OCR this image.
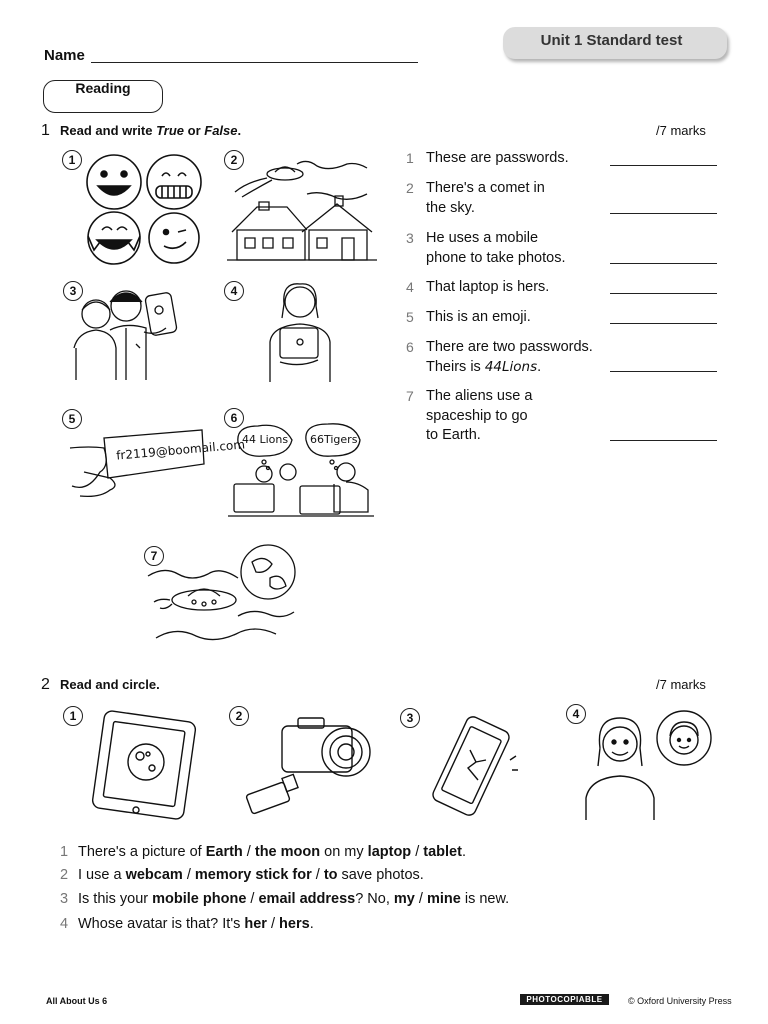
Unit 1 Standard test
Name
Reading
1 Read and write True or False.	/7 marks
1	2
3	4
fr2119@boomail.com
5
44 Lions 66Tigers
6
7
1 These are passwords.
2 There's a comet in
the sky.
3 He uses a mobile
phone to take photos.
4 That laptop is hers.
5 This is an emoji.
6 There are two passwords.
Theirs is 44Lions.
7 The aliens use a
spaceship to go
to Earth.
2 Read and circle.	/7 marks
1	2	3	4
1 There's a picture of Earth / the moon on my laptop / tablet.
2 I use a webcam / memory stick for / to save photos.
3 Is this your mobile phone / email address? No, my / mine is new.
4 Whose avatar is that? It's her / hers.
All About Us 6	PHOTOCOPIABLE	© Oxford University Press
